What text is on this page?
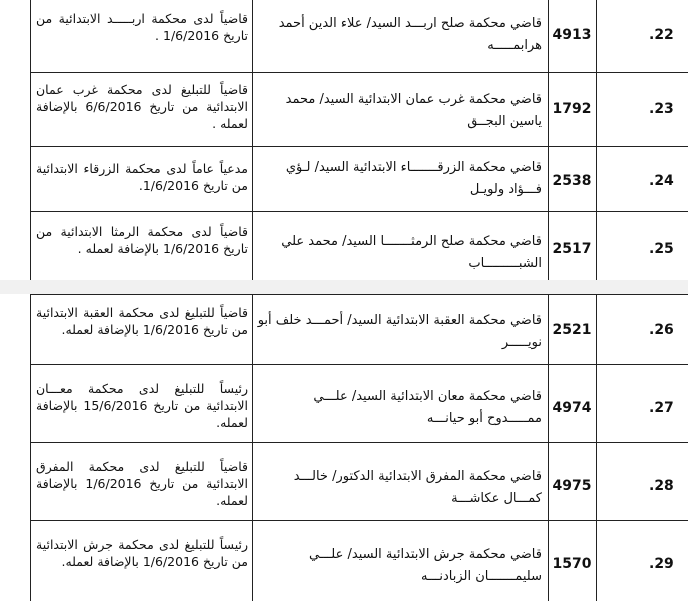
.22
4913
قاضي محكمة صلح اربـــد السيد/ علاء الدين أحمد هرابمـــــه
قاضياً لدى محكمة اربـــــد الابتدائية من تاريخ 1/6/2016 .
.23
1792
قاضي محكمة غرب عمان الابتدائية السيد/ محمد ياسين البجــق
قاضياً للتبليغ لدى محكمة غرب عمان الابتدائية من تاريخ 6/6/2016 بالإضافة لعمله .
.24
2538
قاضي محكمة الزرقـــــــاء الابتدائية السيد/ لـؤي فـــؤاد ولويـل
مدعياً عاماً لدى محكمة الزرقاء الابتدائية من تاريخ 1/6/2016.
.25
2517
قاضي محكمة صلح الرمثـــــــا السيد/ محمد علي الشبـــــــــاب
قاضياً لدى محكمة الرمثا الابتدائية من تاريخ 1/6/2016 بالإضافة لعمله .
.26
2521
قاضي محكمة العقبة الابتدائية السيد/ أحمـــد خلف أبو نويـــــر
قاضياً للتبليغ لدى محكمة العقبة الابتدائية من تاريخ 1/6/2016 بالإضافة لعمله.
.27
4974
قاضي محكمة معان الابتدائية السيد/ علـــي ممـــــدوح أبو حيانـــه
رئيساً للتبليغ لدى محكمة معـــان الابتدائية من تاريخ 15/6/2016 بالإضافة لعمله.
.28
4975
قاضي محكمة المفرق الابتدائية الدكتور/ خالـــد كمـــال عكاشـــة
قاضياً للتبليغ لدى محكمة المفرق الابتدائية من تاريخ 1/6/2016 بالإضافة لعمله.
.29
1570
قاضي محكمة جرش الابتدائية السيد/ علـــي سليمـــــــان الزبادنـــه
رئيساً للتبليغ لدى محكمة جرش الابتدائية من تاريخ 1/6/2016 بالإضافة لعمله.
